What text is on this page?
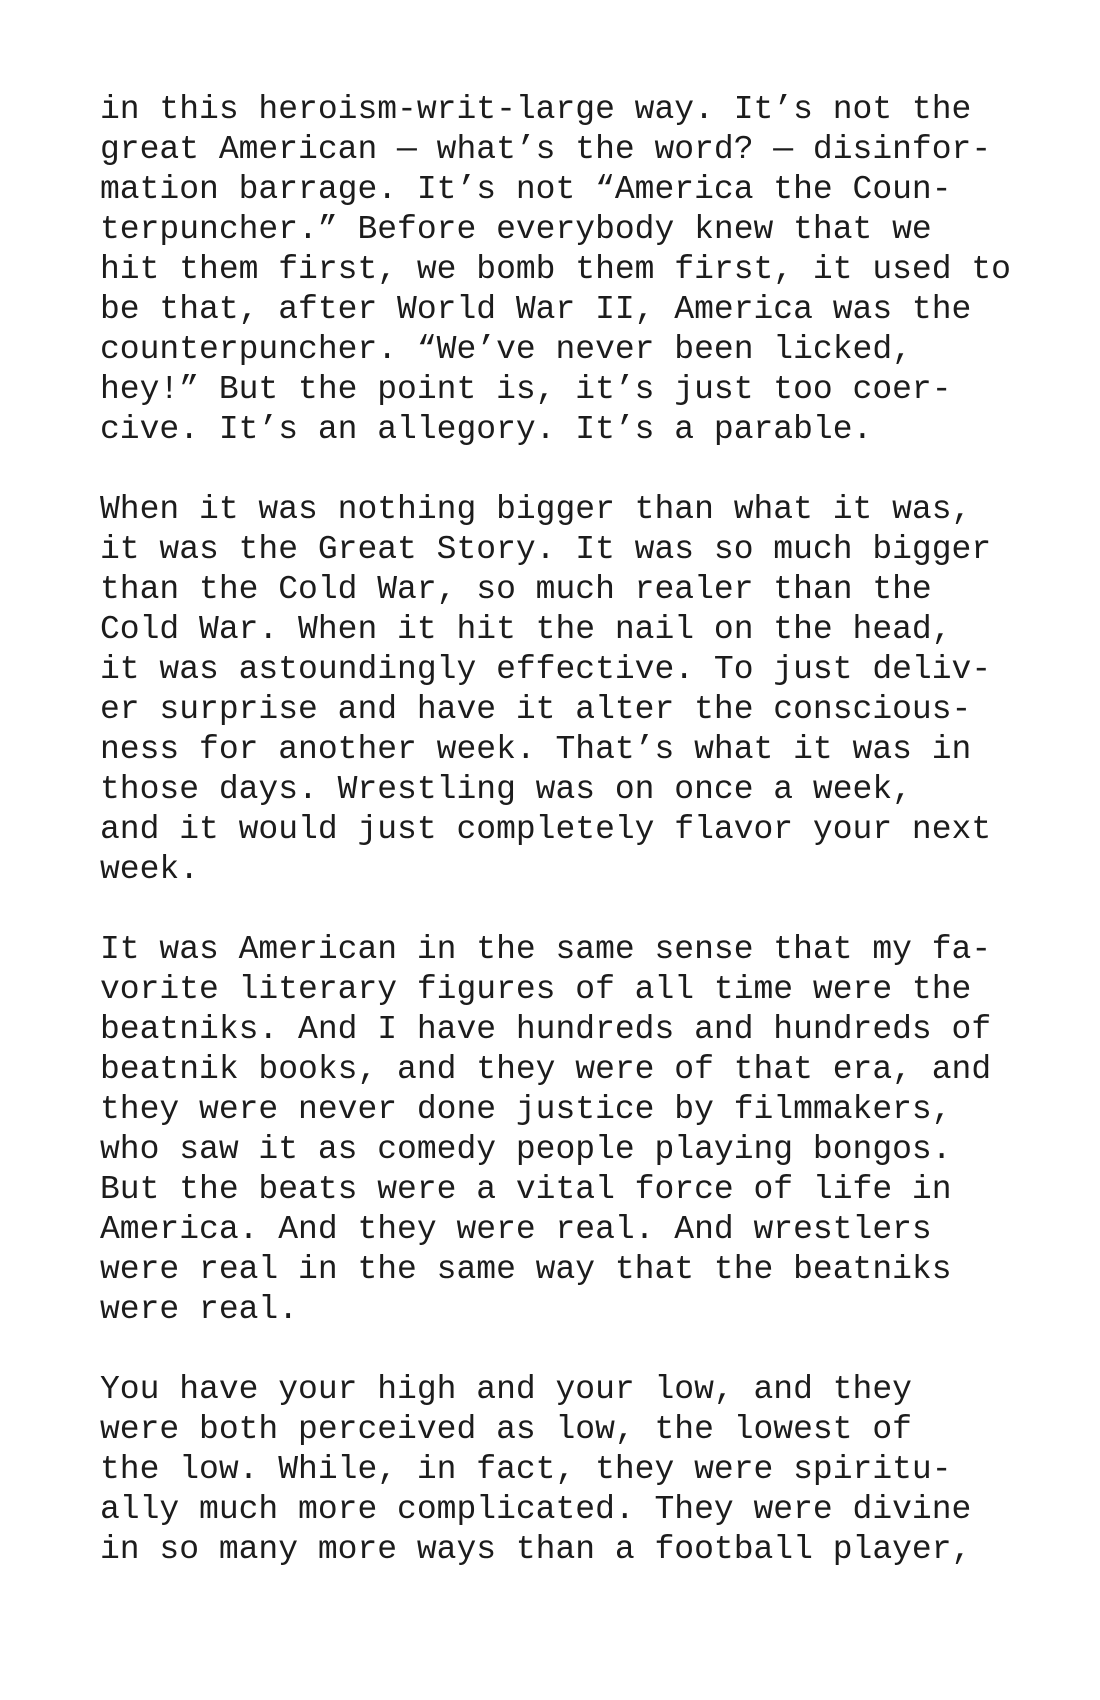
in this heroism-writ-large way. It’s not the
great American — what’s the word? — disinfor-
mation barrage. It’s not “America the Coun-
terpuncher.” Before everybody knew that we
hit them first, we bomb them first, it used to
be that, after World War II, America was the
counterpuncher. “We’ve never been licked,
hey!” But the point is, it’s just too coer-
cive. It’s an allegory. It’s a parable.
When it was nothing bigger than what it was,
it was the Great Story. It was so much bigger
than the Cold War, so much realer than the
Cold War. When it hit the nail on the head,
it was astoundingly effective. To just deliv-
er surprise and have it alter the conscious-
ness for another week. That’s what it was in
those days. Wrestling was on once a week,
and it would just completely flavor your next
week.
It was American in the same sense that my fa-
vorite literary figures of all time were the
beatniks. And I have hundreds and hundreds of
beatnik books, and they were of that era, and
they were never done justice by filmmakers,
who saw it as comedy people playing bongos.
But the beats were a vital force of life in
America. And they were real. And wrestlers
were real in the same way that the beatniks
were real.
You have your high and your low, and they
were both perceived as low, the lowest of
the low. While, in fact, they were spiritu-
ally much more complicated. They were divine
in so many more ways than a football player,
